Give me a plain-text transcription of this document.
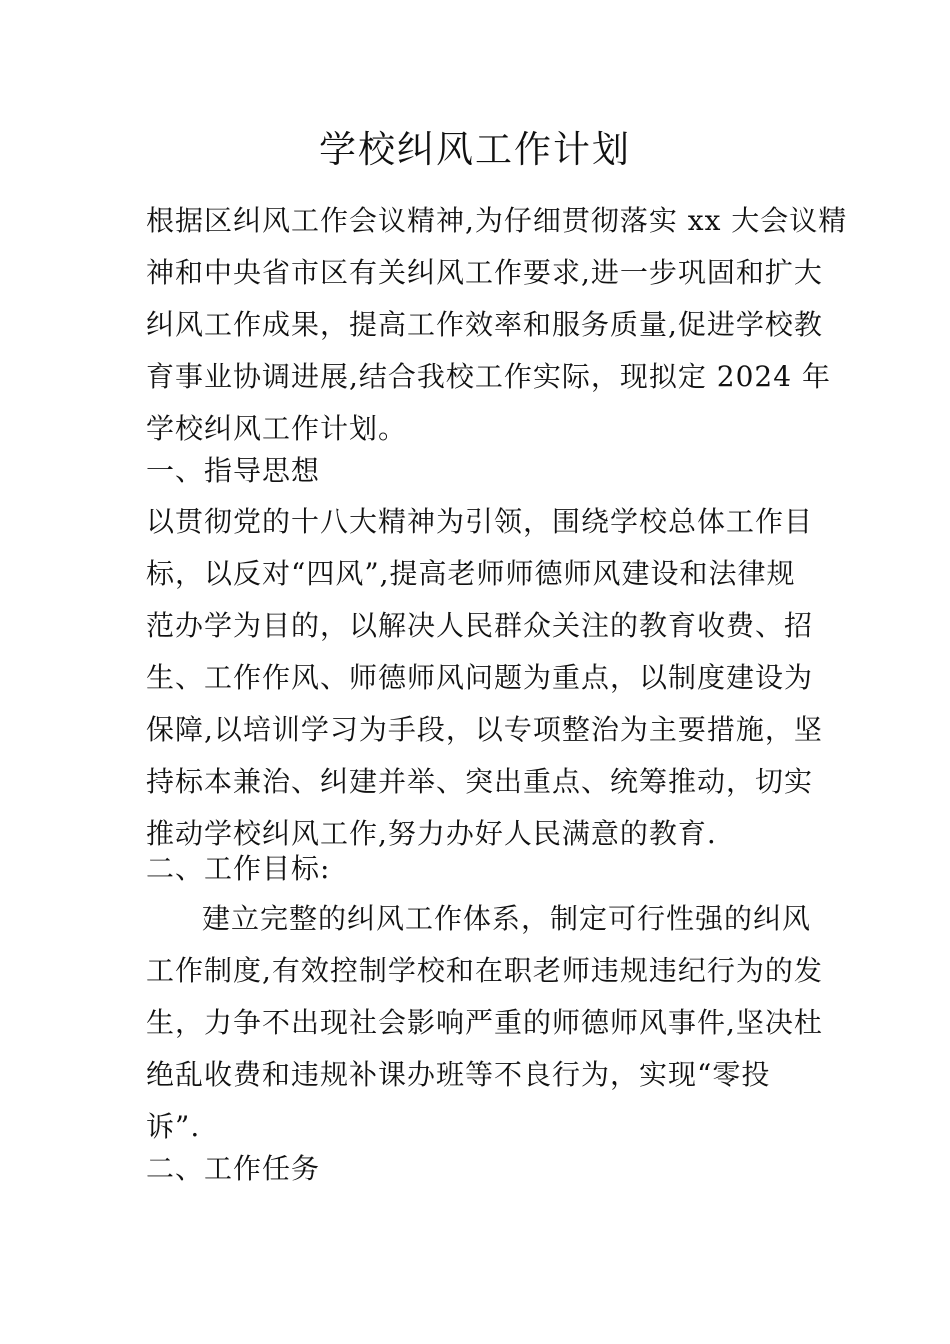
学校纠风工作计划
根据区纠风工作会议精神,为仔细贯彻落实 xx 大会议精
神和中央省市区有关纠风工作要求,进一步巩固和扩大
纠风工作成果，提高工作效率和服务质量,促进学校教
育事业协调进展,结合我校工作实际，现拟定 2024 年
学校纠风工作计划。
一、指导思想
以贯彻党的十八大精神为引领，围绕学校总体工作目
标，以反对“四风”,提高老师师德师风建设和法律规
范办学为目的，以解决人民群众关注的教育收费、招
生、工作作风、师德师风问题为重点，以制度建设为
保障,以培训学习为手段，以专项整治为主要措施，坚
持标本兼治、纠建并举、突出重点、统筹推动，切实
推动学校纠风工作,努力办好人民满意的教育.
二、工作目标:
建立完整的纠风工作体系，制定可行性强的纠风
工作制度,有效控制学校和在职老师违规违纪行为的发
生，力争不出现社会影响严重的师德师风事件,坚决杜
绝乱收费和违规补课办班等不良行为，实现“零投
诉”.
二、工作任务
